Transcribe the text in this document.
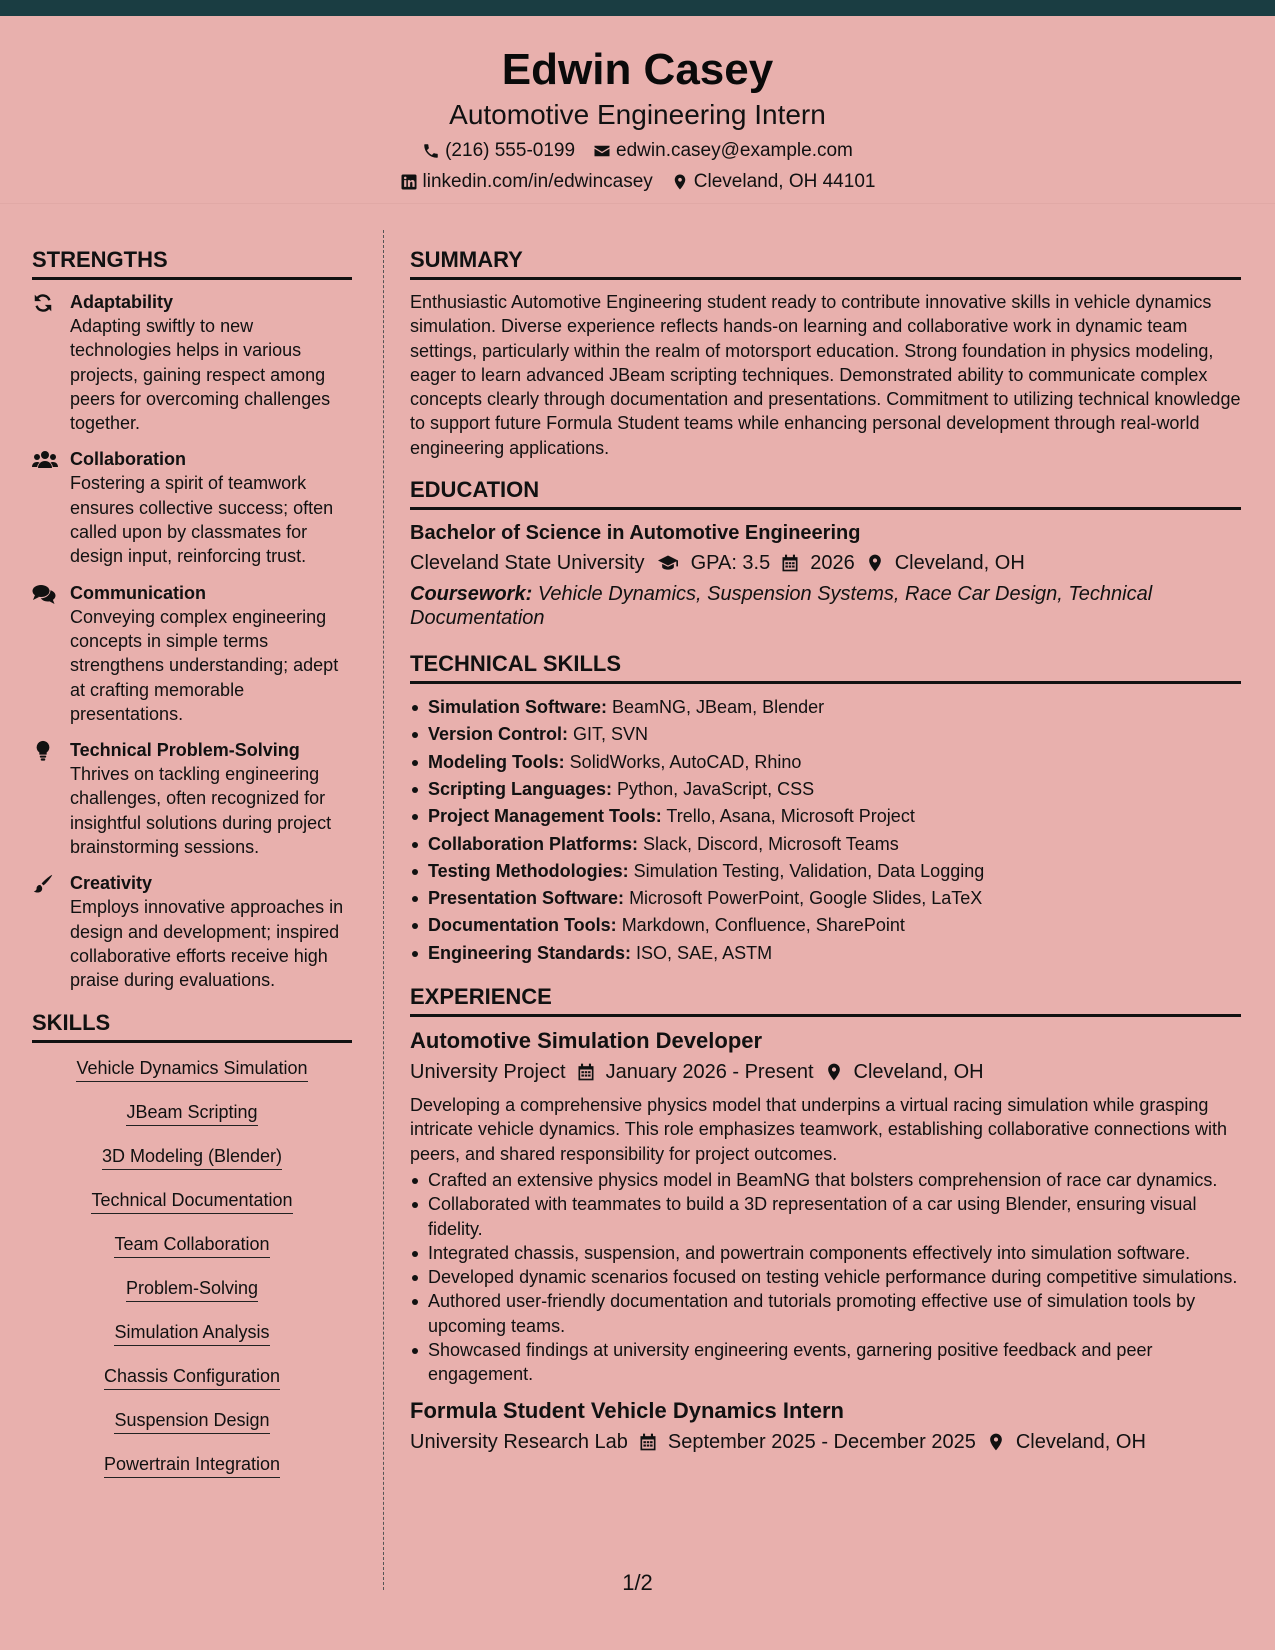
Edwin Casey
Automotive Engineering Intern
(216) 555-0199 edwin.casey@example.com
linkedin.com/in/edwincasey Cleveland, OH 44101
STRENGTHS
Adaptability
Adapting swiftly to new technologies helps in various projects, gaining respect among peers for overcoming challenges together.
Collaboration
Fostering a spirit of teamwork ensures collective success; often called upon by classmates for design input, reinforcing trust.
Communication
Conveying complex engineering concepts in simple terms strengthens understanding; adept at crafting memorable presentations.
Technical Problem-Solving
Thrives on tackling engineering challenges, often recognized for insightful solutions during project brainstorming sessions.
Creativity
Employs innovative approaches in design and development; inspired collaborative efforts receive high praise during evaluations.
SKILLS
Vehicle Dynamics Simulation
JBeam Scripting
3D Modeling (Blender)
Technical Documentation
Team Collaboration
Problem-Solving
Simulation Analysis
Chassis Configuration
Suspension Design
Powertrain Integration
SUMMARY
Enthusiastic Automotive Engineering student ready to contribute innovative skills in vehicle dynamics simulation. Diverse experience reflects hands-on learning and collaborative work in dynamic team settings, particularly within the realm of motorsport education. Strong foundation in physics modeling, eager to learn advanced JBeam scripting techniques. Demonstrated ability to communicate complex concepts clearly through documentation and presentations. Commitment to utilizing technical knowledge to support future Formula Student teams while enhancing personal development through real-world engineering applications.
EDUCATION
Bachelor of Science in Automotive Engineering
Cleveland State University GPA: 3.5 2026 Cleveland, OH
Coursework: Vehicle Dynamics, Suspension Systems, Race Car Design, Technical Documentation
TECHNICAL SKILLS
Simulation Software: BeamNG, JBeam, Blender
Version Control: GIT, SVN
Modeling Tools: SolidWorks, AutoCAD, Rhino
Scripting Languages: Python, JavaScript, CSS
Project Management Tools: Trello, Asana, Microsoft Project
Collaboration Platforms: Slack, Discord, Microsoft Teams
Testing Methodologies: Simulation Testing, Validation, Data Logging
Presentation Software: Microsoft PowerPoint, Google Slides, LaTeX
Documentation Tools: Markdown, Confluence, SharePoint
Engineering Standards: ISO, SAE, ASTM
EXPERIENCE
Automotive Simulation Developer
University Project January 2026 - Present Cleveland, OH
Developing a comprehensive physics model that underpins a virtual racing simulation while grasping intricate vehicle dynamics. This role emphasizes teamwork, establishing collaborative connections with peers, and shared responsibility for project outcomes.
Crafted an extensive physics model in BeamNG that bolsters comprehension of race car dynamics.
Collaborated with teammates to build a 3D representation of a car using Blender, ensuring visual fidelity.
Integrated chassis, suspension, and powertrain components effectively into simulation software.
Developed dynamic scenarios focused on testing vehicle performance during competitive simulations.
Authored user-friendly documentation and tutorials promoting effective use of simulation tools by upcoming teams.
Showcased findings at university engineering events, garnering positive feedback and peer engagement.
Formula Student Vehicle Dynamics Intern
University Research Lab September 2025 - December 2025 Cleveland, OH
1/2
